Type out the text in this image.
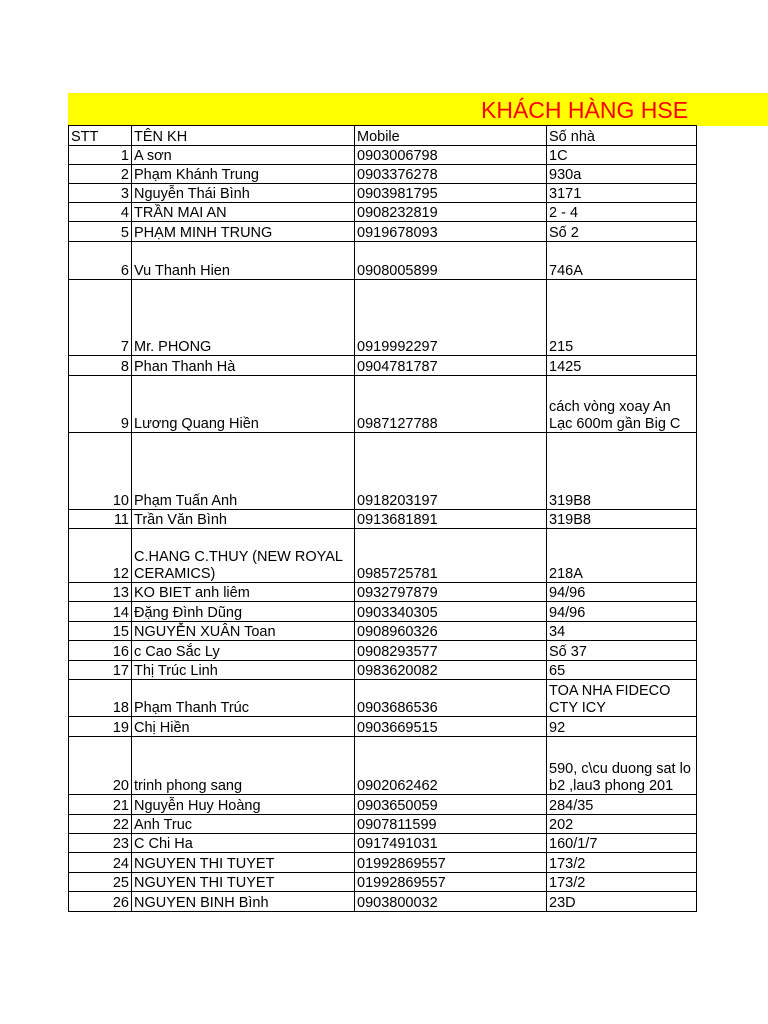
KHÁCH HÀNG HSE
STT	TÊN KH	Mobile	Số nhà
1	A sơn	0903006798	1C
2	Phạm Khánh Trung	0903376278	930a
3	Nguyễn Thái Bình	0903981795	3171
4	TRẦN MAI AN	0908232819	2 - 4
5	PHẠM MINH TRUNG	0919678093	Số 2
6	Vu Thanh Hien	0908005899	746A
7	Mr. PHONG	0919992297	215
8	Phan Thanh Hà	0904781787	1425
9	Lương Quang Hiền	0987127788	cách vòng xoay An Lạc 600m gần Big C
10	Phạm Tuấn Anh	0918203197	319B8
11	Trần Văn Bình	0913681891	319B8
12	C.HANG C.THUY (NEW ROYAL CERAMICS)	0985725781	218A
13	KO BIET anh liêm	0932797879	94/96
14	Đặng Đình Dũng	0903340305	94/96
15	NGUYỄN XUÂN Toan	0908960326	34
16	c Cao Sắc Ly	0908293577	Số 37
17	Thị Trúc Linh	0983620082	65
18	Phạm Thanh Trúc	0903686536	TOA NHA FIDECO CTY ICY
19	Chị Hiền	0903669515	92
20	trinh phong sang	0902062462	590, c\cu duong sat lo b2 ,lau3 phong 201
21	Nguyễn Huy Hoàng	0903650059	284/35
22	Anh Truc	0907811599	202
23	C Chi Ha	0917491031	160/1/7
24	NGUYEN THI TUYET	01992869557	173/2
25	NGUYEN THI TUYET	01992869557	173/2
26	NGUYEN BINH Bình	0903800032	23D
